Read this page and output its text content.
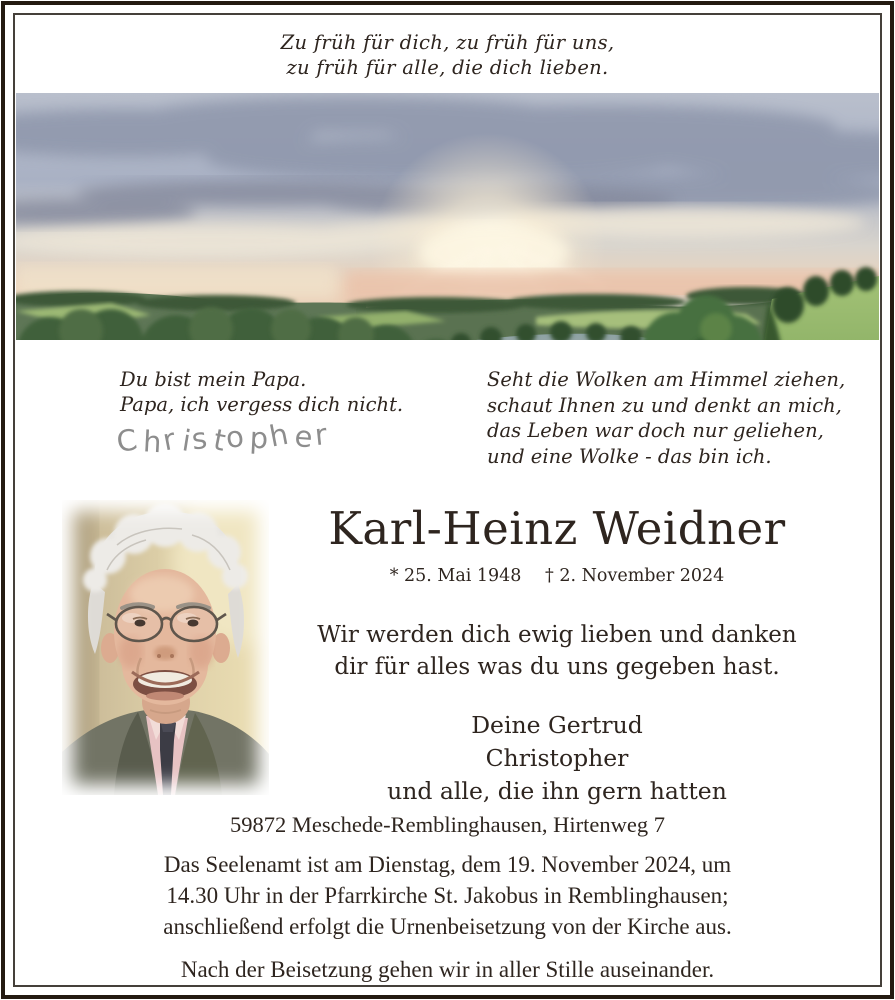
Zu früh für dich, zu früh für uns,
zu früh für alle, die dich lieben.
Du bist mein Papa.
Papa, ich vergess dich nicht.
Christopher
Seht die Wolken am Himmel ziehen,
schaut Ihnen zu und denkt an mich,
das Leben war doch nur geliehen,
und eine Wolke - das bin ich.
Karl-Heinz Weidner
* 25. Mai 1948 † 2. November 2024
Wir werden dich ewig lieben und danken
dir für alles was du uns gegeben hast.
Deine Gertrud
Christopher
und alle, die ihn gern hatten
59872 Meschede-Remblinghausen, Hirtenweg 7
Das Seelenamt ist am Dienstag, dem 19. November 2024, um
14.30 Uhr in der Pfarrkirche St. Jakobus in Remblinghausen;
anschließend erfolgt die Urnenbeisetzung von der Kirche aus.
Nach der Beisetzung gehen wir in aller Stille auseinander.
